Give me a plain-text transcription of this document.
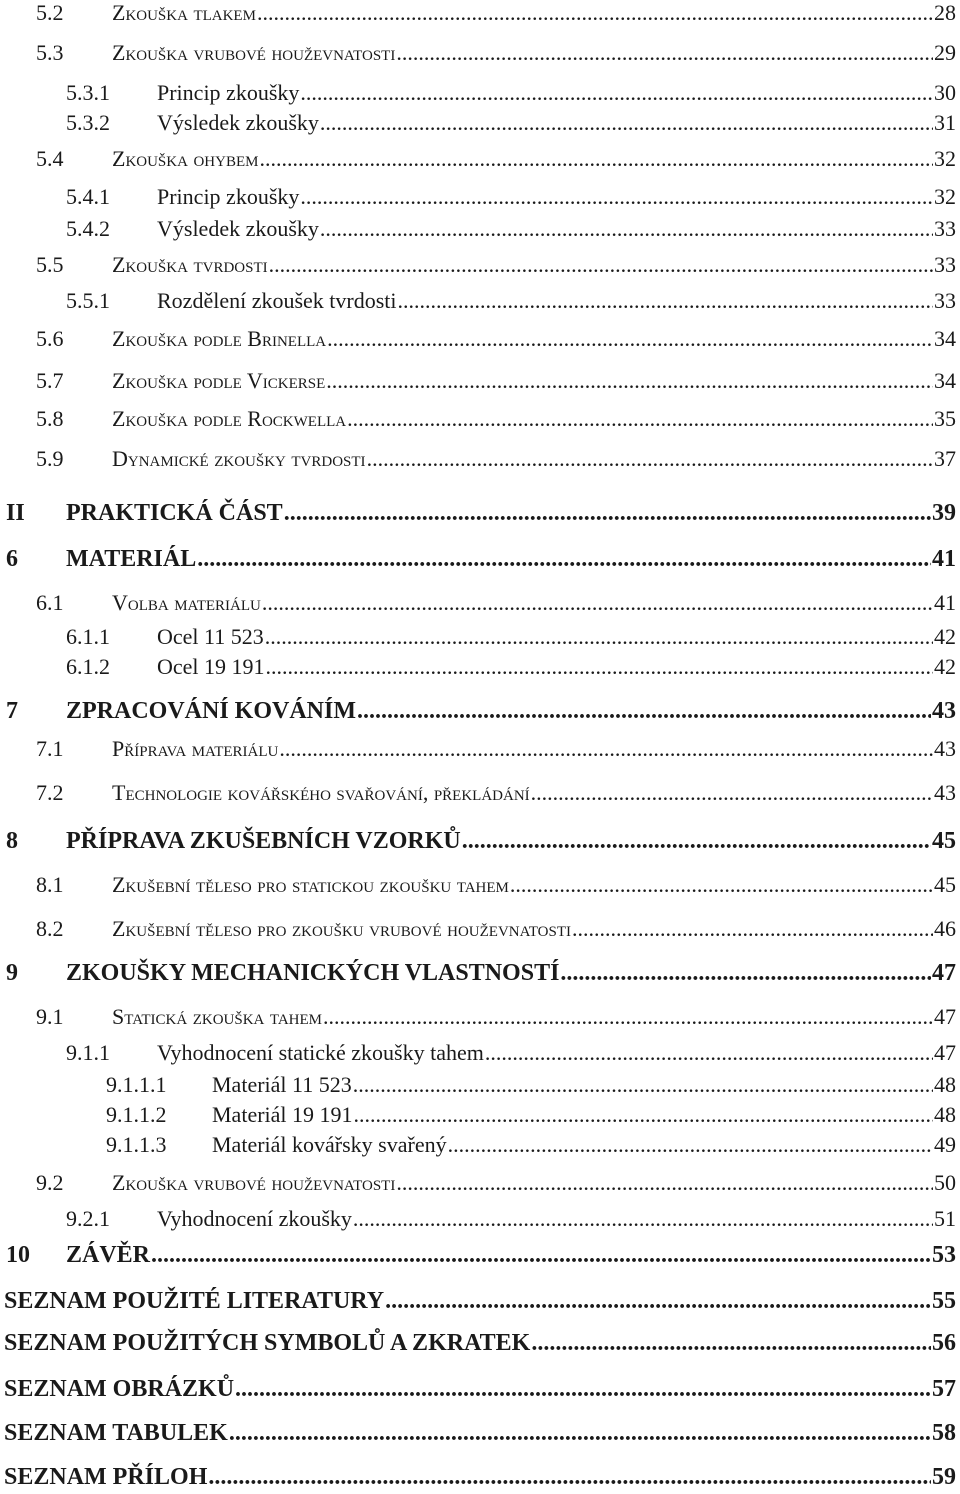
5.2 Zkouška tlakem .....	28
5.3 Zkouška vrubové houževnatosti .....	29
5.3.1 Princip zkoušky .....	30
5.3.2 Výsledek zkoušky .....	31
5.4 Zkouška ohybem .....	32
5.4.1 Princip zkoušky .....	32
5.4.2 Výsledek zkoušky .....	33
5.5 Zkouška tvrdosti .....	33
5.5.1 Rozdělení zkoušek tvrdosti .....	33
5.6 Zkouška podle Brinella .....	34
5.7 Zkouška podle Vickerse .....	34
5.8 Zkouška podle Rockwella .....	35
5.9 Dynamické zkoušky tvrdosti .....	37
II PRAKTICKÁ ČÁST .....	39
6 MATERIÁL .....	41
6.1 Volba materiálu .....	41
6.1.1 Ocel 11 523 .....	42
6.1.2 Ocel 19 191 .....	42
7 ZPRACOVÁNÍ KOVÁNÍM .....	43
7.1 Příprava materiálu .....	43
7.2 Technologie kovářského svařování, překládání .....	43
8 PŘÍPRAVA ZKUŠEBNÍCH VZORKŮ .....	45
8.1 Zkušební těleso pro statickou zkoušku tahem .....	45
8.2 Zkušební těleso pro zkoušku vrubové houževnatosti .....	46
9 ZKOUŠKY MECHANICKÝCH VLASTNOSTÍ .....	47
9.1 Statická zkouška tahem .....	47
9.1.1 Vyhodnocení statické zkoušky tahem .....	47
9.1.1.1 Materiál 11 523 .....	48
9.1.1.2 Materiál 19 191 .....	48
9.1.1.3 Materiál kovářsky svařený .....	49
9.2 Zkouška vrubové houževnatosti .....	50
9.2.1 Vyhodnocení zkoušky .....	51
10 ZÁVĚR .....	53
SEZNAM POUŽITÉ LITERATURY .....	55
SEZNAM POUŽITÝCH SYMBOLŮ A ZKRATEK .....	56
SEZNAM OBRÁZKŮ .....	57
SEZNAM TABULEK .....	58
SEZNAM PŘÍLOH .....	59
